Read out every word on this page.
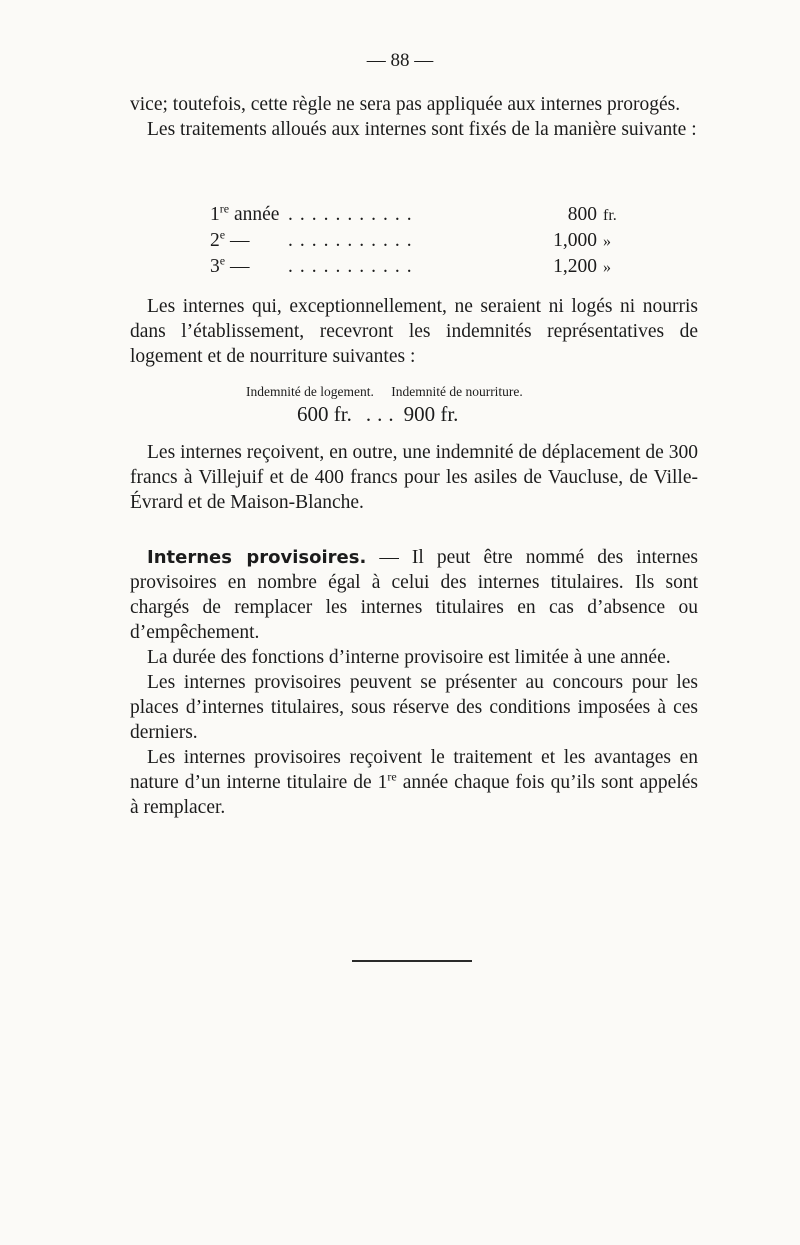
— 88 —

vice; toutefois, cette règle ne sera pas appliquée aux internes prorogés.

Les traitements alloués aux internes sont fixés de la manière suivante :

1re année ...........	800 fr.
2e —	...........	1,000 »
3e —	...........	1,200 »

Les internes qui, exceptionnellement, ne seraient ni logés ni nourris dans l’établissement, recevront les indemnités représentatives de logement et de nourriture suivantes :

Indemnité de logement. Indemnité de nourriture.
600 fr. ... 900 fr.

Les internes reçoivent, en outre, une indemnité de déplacement de 300 francs à Villejuif et de 400 francs pour les asiles de Vaucluse, de Ville-Évrard et de Maison-Blanche.

Internes provisoires. — Il peut être nommé des internes provisoires en nombre égal à celui des internes titulaires. Ils sont chargés de remplacer les internes titulaires en cas d’absence ou d’empêchement.

La durée des fonctions d’interne provisoire est limitée à une année.

Les internes provisoires peuvent se présenter au concours pour les places d’internes titulaires, sous réserve des conditions imposées à ces derniers.

Les internes provisoires reçoivent le traitement et les avantages en nature d’un interne titulaire de 1re année chaque fois qu’ils sont appelés à remplacer.
